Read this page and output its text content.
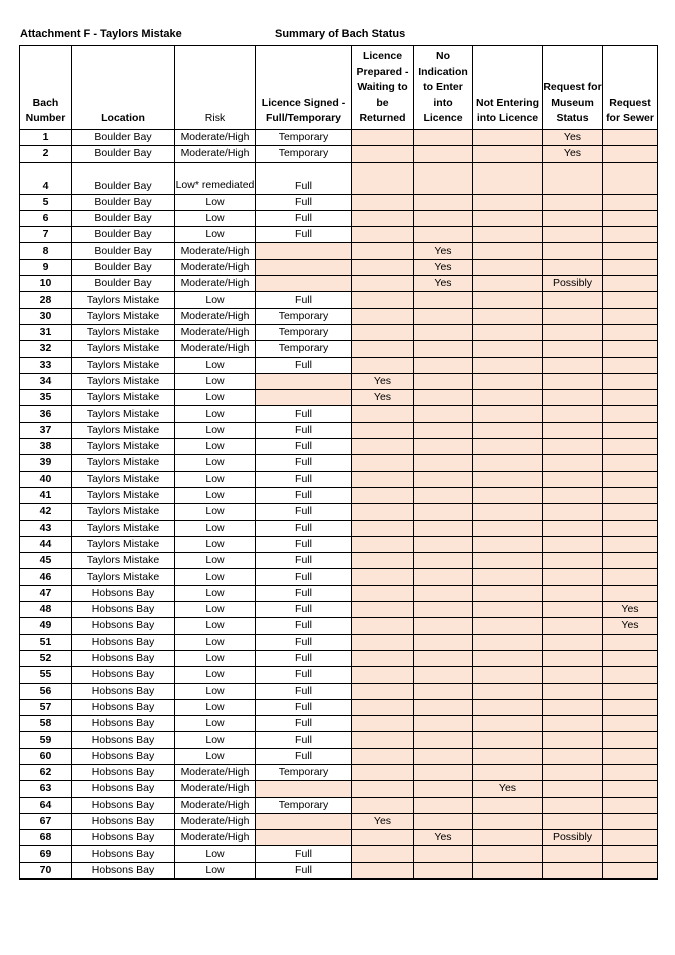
Attachment F - Taylors Mistake	Summary of Bach Status
Bach Number	Location	Risk	Licence Signed - Full/Temporary	Licence Prepared - Waiting to be Returned	No Indication to Enter into Licence	Not Entering into Licence	Request for Museum Status	Request for Sewer
1	Boulder Bay	Moderate/High	Temporary				Yes	
2	Boulder Bay	Moderate/High	Temporary				Yes	
4	Boulder Bay	Low* remediated	Full					
5	Boulder Bay	Low	Full					
6	Boulder Bay	Low	Full					
7	Boulder Bay	Low	Full					
8	Boulder Bay	Moderate/High			Yes			
9	Boulder Bay	Moderate/High			Yes			
10	Boulder Bay	Moderate/High			Yes		Possibly	
28	Taylors Mistake	Low	Full					
30	Taylors Mistake	Moderate/High	Temporary					
31	Taylors Mistake	Moderate/High	Temporary					
32	Taylors Mistake	Moderate/High	Temporary					
33	Taylors Mistake	Low	Full					
34	Taylors Mistake	Low		Yes				
35	Taylors Mistake	Low		Yes				
36	Taylors Mistake	Low	Full					
37	Taylors Mistake	Low	Full					
38	Taylors Mistake	Low	Full					
39	Taylors Mistake	Low	Full					
40	Taylors Mistake	Low	Full					
41	Taylors Mistake	Low	Full					
42	Taylors Mistake	Low	Full					
43	Taylors Mistake	Low	Full					
44	Taylors Mistake	Low	Full					
45	Taylors Mistake	Low	Full					
46	Taylors Mistake	Low	Full					
47	Hobsons Bay	Low	Full					
48	Hobsons Bay	Low	Full					Yes
49	Hobsons Bay	Low	Full					Yes
51	Hobsons Bay	Low	Full					
52	Hobsons Bay	Low	Full					
55	Hobsons Bay	Low	Full					
56	Hobsons Bay	Low	Full					
57	Hobsons Bay	Low	Full					
58	Hobsons Bay	Low	Full					
59	Hobsons Bay	Low	Full					
60	Hobsons Bay	Low	Full					
62	Hobsons Bay	Moderate/High	Temporary					
63	Hobsons Bay	Moderate/High				Yes		
64	Hobsons Bay	Moderate/High	Temporary					
67	Hobsons Bay	Moderate/High		Yes				
68	Hobsons Bay	Moderate/High			Yes		Possibly	
69	Hobsons Bay	Low	Full					
70	Hobsons Bay	Low	Full					
